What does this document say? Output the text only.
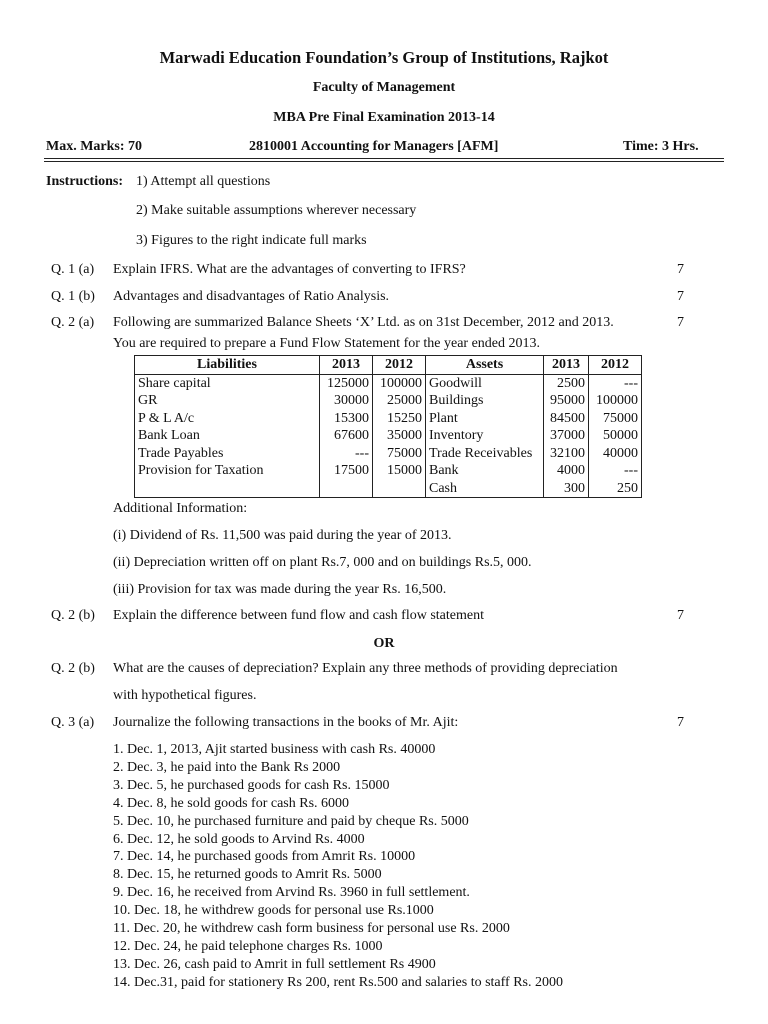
Marwadi Education Foundation’s Group of Institutions, Rajkot
Faculty of Management
MBA Pre Final Examination 2013-14
Max. Marks: 70	2810001 Accounting for Managers [AFM]	Time: 3 Hrs.
Instructions: 1) Attempt all questions
2) Make suitable assumptions wherever necessary
3) Figures to the right indicate full marks
Q. 1 (a) Explain IFRS. What are the advantages of converting to IFRS?	7
Q. 1 (b) Advantages and disadvantages of Ratio Analysis.	7
Q. 2 (a) Following are summarized Balance Sheets ‘X’ Ltd. as on 31st December, 2012 and 2013.	7
You are required to prepare a Fund Flow Statement for the year ended 2013.
Liabilities	2013	2012	Assets	2013	2012
Share capital	125000	100000	Goodwill	2500	---
GR	30000	25000	Buildings	95000	100000
P & L A/c	15300	15250	Plant	84500	75000
Bank Loan	67600	35000	Inventory	37000	50000
Trade Payables	---	75000	Trade Receivables	32100	40000
Provision for Taxation	17500	15000	Bank	4000	---
			Cash	300	250
Additional Information:
(i) Dividend of Rs. 11,500 was paid during the year of 2013.
(ii) Depreciation written off on plant Rs.7, 000 and on buildings Rs.5, 000.
(iii) Provision for tax was made during the year Rs. 16,500.
Q. 2 (b) Explain the difference between fund flow and cash flow statement	7
OR
Q. 2 (b) What are the causes of depreciation? Explain any three methods of providing depreciation
with hypothetical figures.
Q. 3 (a) Journalize the following transactions in the books of Mr. Ajit:	7
1. Dec. 1, 2013, Ajit started business with cash Rs. 40000
2. Dec. 3, he paid into the Bank Rs 2000
3. Dec. 5, he purchased goods for cash Rs. 15000
4. Dec. 8, he sold goods for cash Rs. 6000
5. Dec. 10, he purchased furniture and paid by cheque Rs. 5000
6. Dec. 12, he sold goods to Arvind Rs. 4000
7. Dec. 14, he purchased goods from Amrit Rs. 10000
8. Dec. 15, he returned goods to Amrit Rs. 5000
9. Dec. 16, he received from Arvind Rs. 3960 in full settlement.
10. Dec. 18, he withdrew goods for personal use Rs.1000
11. Dec. 20, he withdrew cash form business for personal use Rs. 2000
12. Dec. 24, he paid telephone charges Rs. 1000
13. Dec. 26, cash paid to Amrit in full settlement Rs 4900
14. Dec.31, paid for stationery Rs 200, rent Rs.500 and salaries to staff Rs. 2000
